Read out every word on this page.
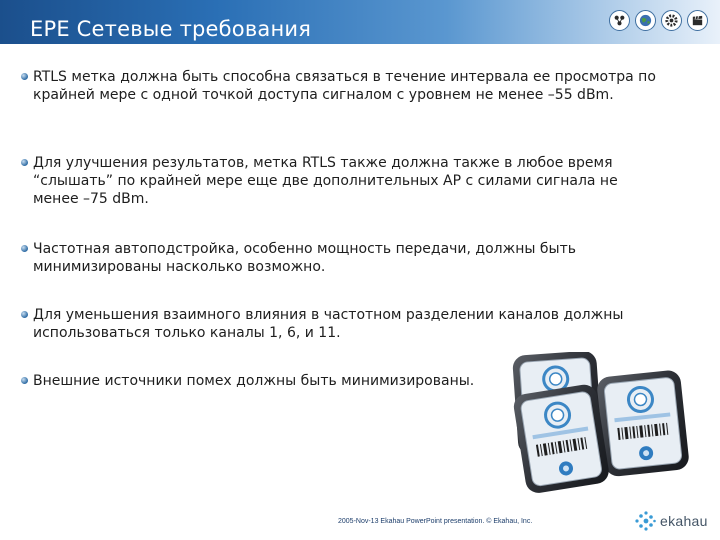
EPE Сетевые требования
RTLS метка должна быть способна связаться в течение интервала ее просмотра по крайней мере с одной точкой доступа сигналом с уровнем не менее –55 dBm.
Для улучшения результатов, метка RTLS также должна также в любое время “слышать” по крайней мере еще две дополнительных AP с силами сигнала не менее –75 dBm.
Частотная автоподстройка, особенно мощность передачи, должны быть минимизированы насколько возможно.
Для уменьшения взаимного влияния в частотном разделении каналов должны использоваться только каналы 1, 6, и 11.
Внешние источники помех должны быть минимизированы.
2005-Nov-13 Ekahau PowerPoint presentation. © Ekahau, Inc.	ekahau
